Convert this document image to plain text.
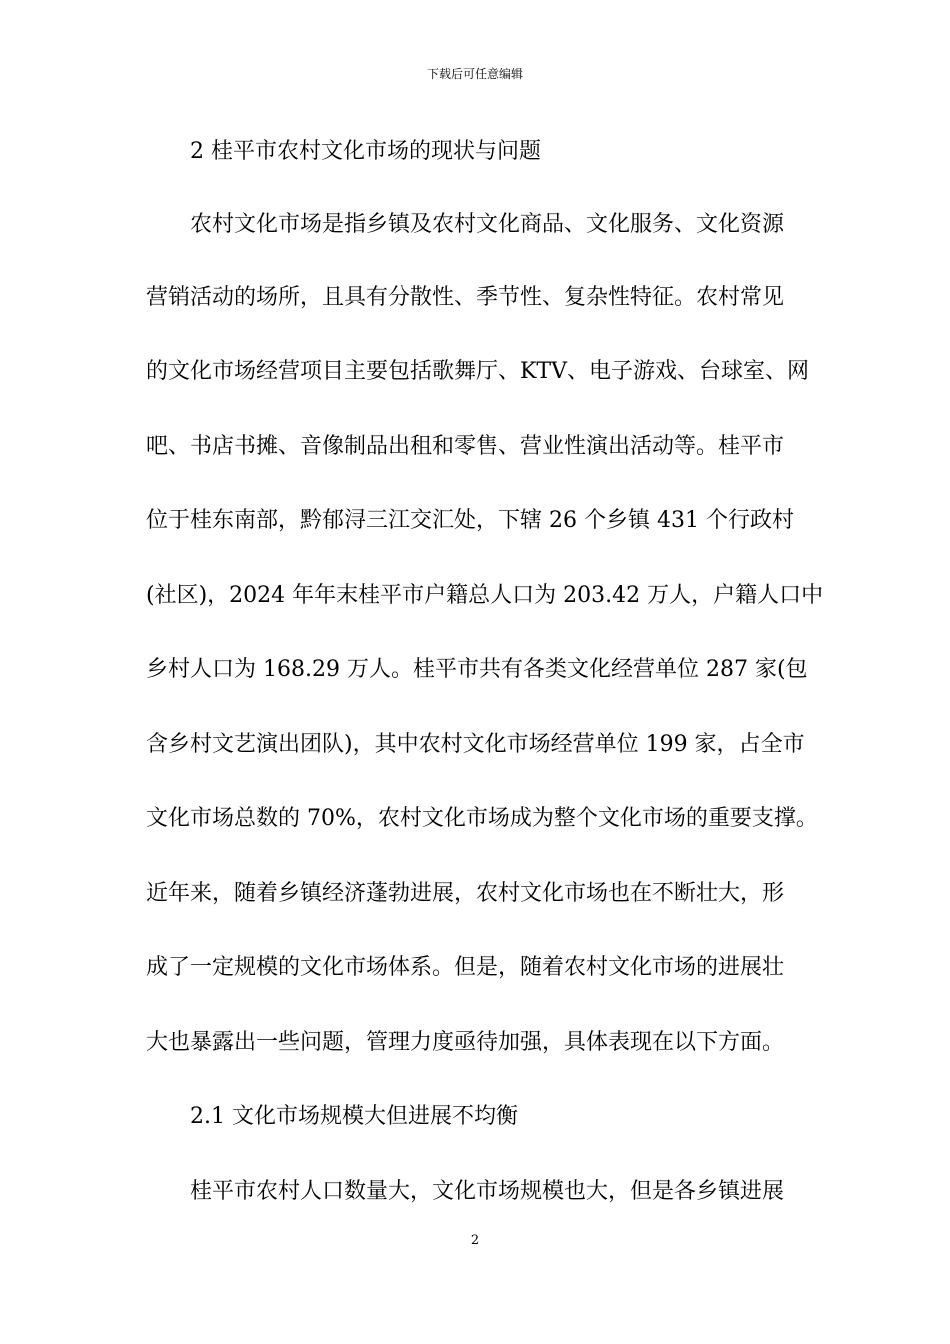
下载后可任意编辑
2 桂平市农村文化市场的现状与问题
农村文化市场是指乡镇及农村文化商品、文化服务、文化资源
营销活动的场所，且具有分散性、季节性、复杂性特征。农村常见
的文化市场经营项目主要包括歌舞厅、KTV、电子游戏、台球室、网
吧、书店书摊、音像制品出租和零售、营业性演出活动等。桂平市
位于桂东南部，黔郁浔三江交汇处，下辖 26 个乡镇 431 个行政村
(社区)，2024 年年末桂平市户籍总人口为 203.42 万人，户籍人口中
乡村人口为 168.29 万人。桂平市共有各类文化经营单位 287 家(包
含乡村文艺演出团队)，其中农村文化市场经营单位 199 家，占全市
文化市场总数的 70%，农村文化市场成为整个文化市场的重要支撑。
近年来，随着乡镇经济蓬勃进展，农村文化市场也在不断壮大，形
成了一定规模的文化市场体系。但是，随着农村文化市场的进展壮
大也暴露出一些问题，管理力度亟待加强，具体表现在以下方面。
2.1 文化市场规模大但进展不均衡
桂平市农村人口数量大，文化市场规模也大，但是各乡镇进展
2
